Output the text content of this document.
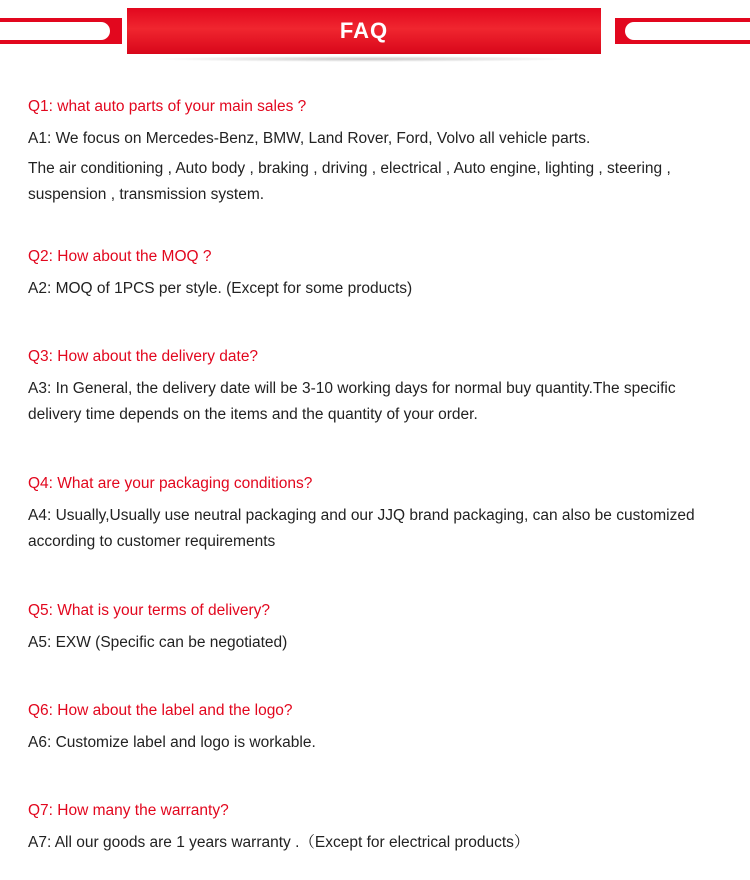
FAQ

Q1: what auto parts of your main sales ?

A1: We focus on Mercedes-Benz, BMW, Land Rover, Ford, Volvo all vehicle parts.

The air conditioning , Auto body , braking , driving , electrical , Auto engine, lighting , steering , suspension , transmission system.

Q2: How about the MOQ ?

A2: MOQ of 1PCS per style. (Except for some products)

Q3: How about the delivery date?

A3: In General, the delivery date will be 3-10 working days for normal buy quantity.The specific delivery time depends on the items and the quantity of your order.

Q4: What are your packaging conditions?

A4: Usually,Usually use neutral packaging and our JJQ brand packaging, can also be customized according to customer requirements

Q5: What is your terms of delivery?

A5: EXW (Specific can be negotiated)

Q6: How about the label and the logo?

A6: Customize label and logo is workable.

Q7: How many the warranty?

A7: All our goods are 1 years warranty .（Except for electrical products）
